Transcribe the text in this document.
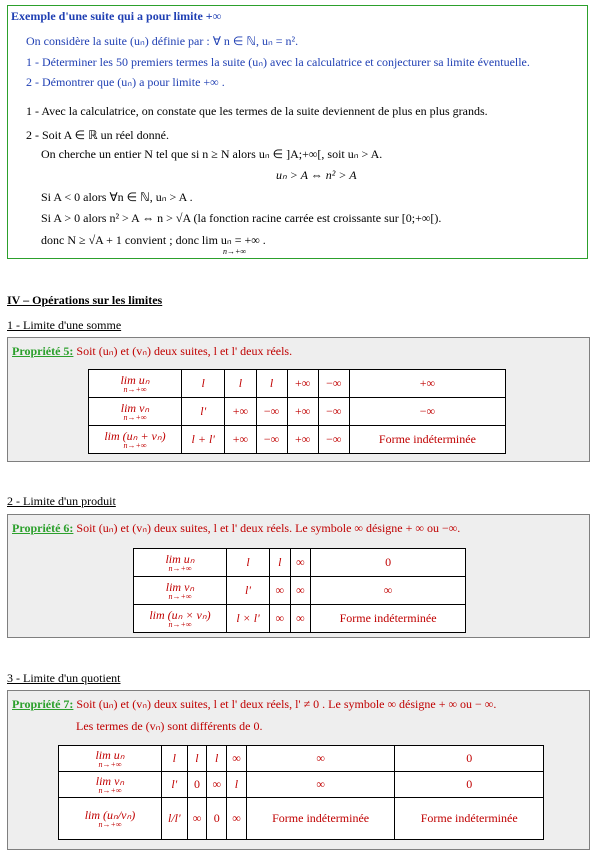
Exemple d'une suite qui a pour limite +∞
On considère la suite (uₙ) définie par : ∀ n ∈ ℕ, uₙ = n².
1 - Déterminer les 50 premiers termes la suite (uₙ) avec la calculatrice et conjecturer sa limite éventuelle.
2 - Démontrer que (uₙ) a pour limite +∞ .
1 - Avec la calculatrice, on constate que les termes de la suite deviennent de plus en plus grands.
2 - Soit A ∈ ℝ un réel donné.
On cherche un entier N tel que si n ≥ N alors uₙ ∈ ]A;+∞[, soit uₙ > A.
uₙ > A ⇔ n² > A
Si A < 0 alors ∀n ∈ ℕ, uₙ > A .
Si A > 0 alors n² > A ⇔ n > √A (la fonction racine carrée est croissante sur [0;+∞[).
donc N ≥ √A + 1 convient ; donc lim uₙ = +∞ .
n→+∞
IV – Opérations sur les limites
1 - Limite d'une somme
Propriété 5: Soit (uₙ) et (vₙ) deux suites, l et l' deux réels.
lim uₙ
n→+∞	l	l	l	+∞	−∞	+∞

lim vₙ
n→+∞	l'	+∞	−∞	+∞	−∞	−∞

lim (uₙ + vₙ)
n→+∞	l + l'	+∞	−∞	+∞	−∞	Forme indéterminée
2 - Limite d'un produit
Propriété 6: Soit (uₙ) et (vₙ) deux suites, l et l' deux réels. Le symbole ∞ désigne + ∞ ou −∞.
lim uₙ
n→+∞	l	l	∞	0

lim vₙ
n→+∞	l'	∞	∞	∞

lim (uₙ × vₙ)
n→+∞	l × l'	∞	∞	Forme indéterminée
3 - Limite d'un quotient
Propriété 7: Soit (uₙ) et (vₙ) deux suites, l et l' deux réels, l' ≠ 0 . Le symbole ∞ désigne + ∞ ou − ∞.
Les termes de (vₙ) sont différents de 0.
lim uₙ
n→+∞	l	l	l	∞	∞	0

lim vₙ
n→+∞	l'	0	∞	l	∞	0

lim (uₙ/vₙ)
n→+∞	l/l'	∞	0	∞	Forme indéterminée	Forme indéterminée
